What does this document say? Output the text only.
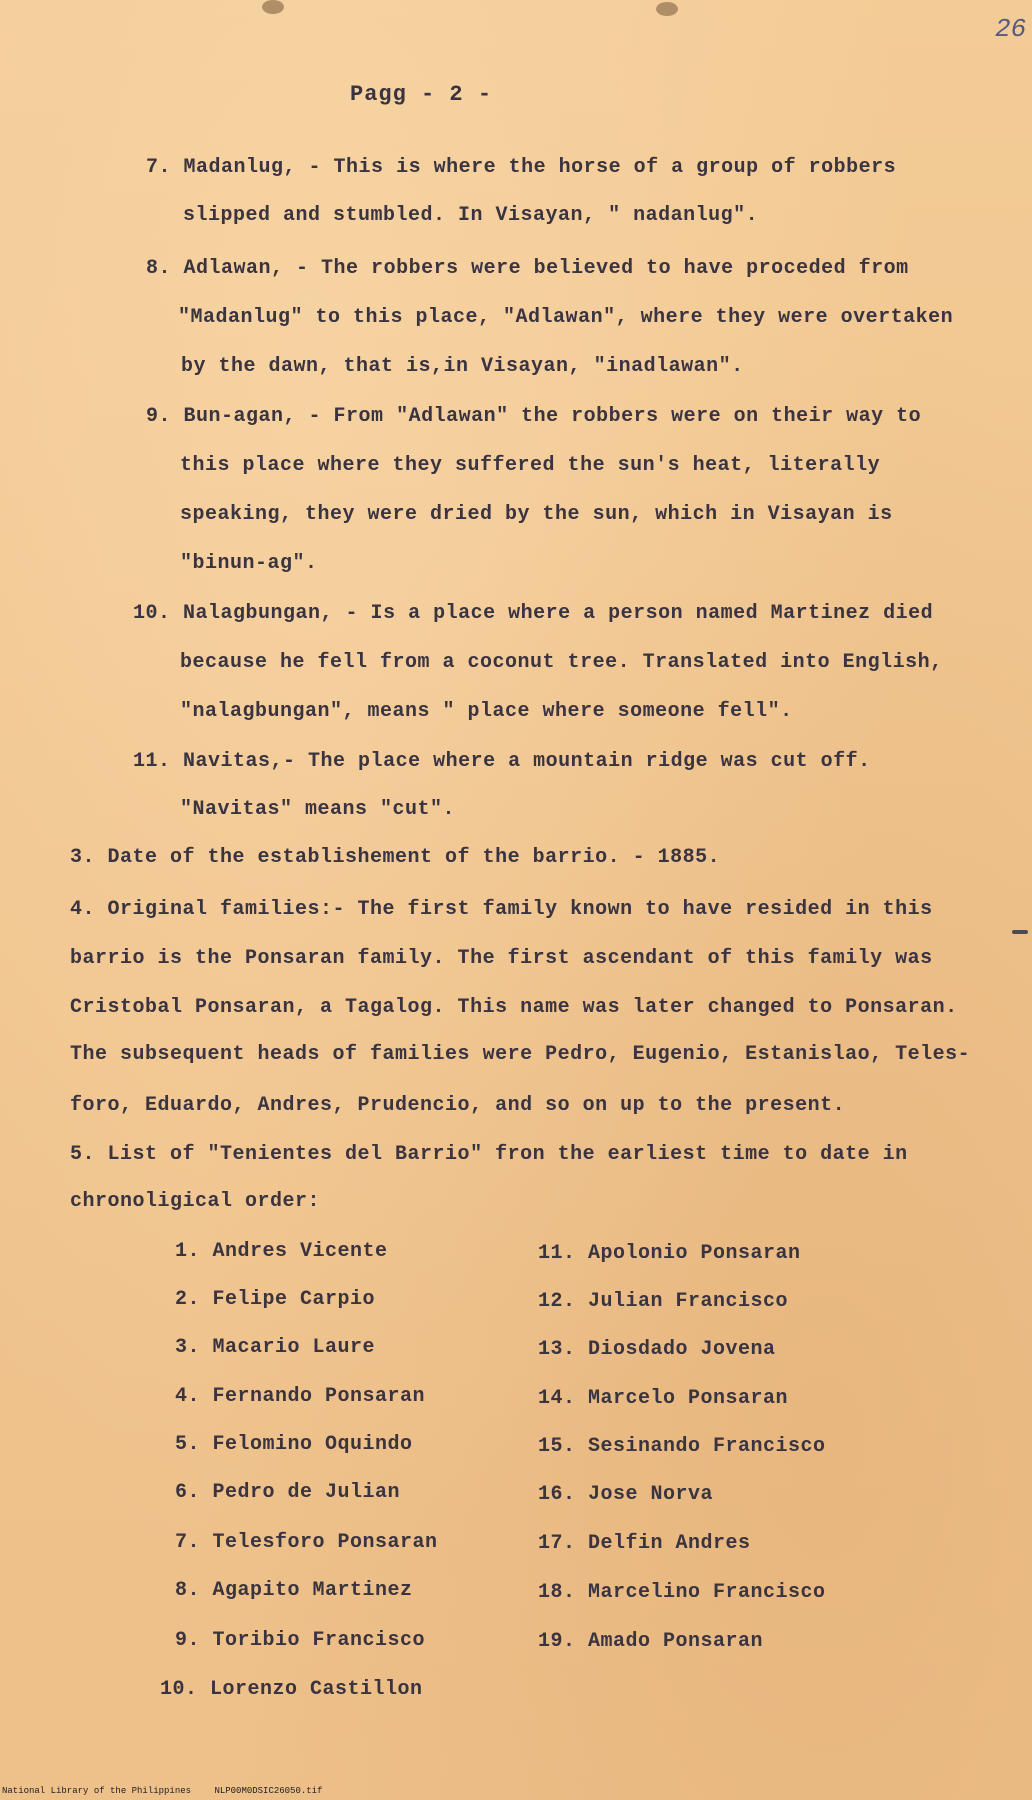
26
Pagg - 2 -
7. Madanlug, - This is where the horse of a group of robbers
slipped and stumbled. In Visayan, " nadanlug".
8. Adlawan, - The robbers were believed to have proceded from
"Madanlug" to this place, "Adlawan", where they were overtaken
by the dawn, that is,in Visayan, "inadlawan".
9. Bun-agan, - From "Adlawan" the robbers were on their way to
this place where they suffered the sun's heat, literally
speaking, they were dried by the sun, which in Visayan is
"binun-ag".
10. Nalagbungan, - Is a place where a person named Martinez died
because he fell from a coconut tree. Translated into English,
"nalagbungan", means " place where someone fell".
11. Navitas,- The place where a mountain ridge was cut off.
"Navitas" means "cut".
3. Date of the establishement of the barrio. - 1885.
4. Original families:- The first family known to have resided in this
barrio is the Ponsaran family. The first ascendant of this family was
Cristobal Ponsaran, a Tagalog. This name was later changed to Ponsaran.
The subsequent heads of families were Pedro, Eugenio, Estanislao, Teles-
foro, Eduardo, Andres, Prudencio, and so on up to the present.
5. List of "Tenientes del Barrio" fron the earliest time to date in
chronoligical order:
1. Andres Vicente
2. Felipe Carpio
3. Macario Laure
4. Fernando Ponsaran
5. Felomino Oquindo
6. Pedro de Julian
7. Telesforo Ponsaran
8. Agapito Martinez
9. Toribio Francisco
10. Lorenzo Castillon
11. Apolonio Ponsaran
12. Julian Francisco
13. Diosdado Jovena
14. Marcelo Ponsaran
15. Sesinando Francisco
16. Jose Norva
17. Delfin Andres
18. Marcelino Francisco
19. Amado Ponsaran
National Library of the Philippines	NLP00M0DSIC26050.tif
